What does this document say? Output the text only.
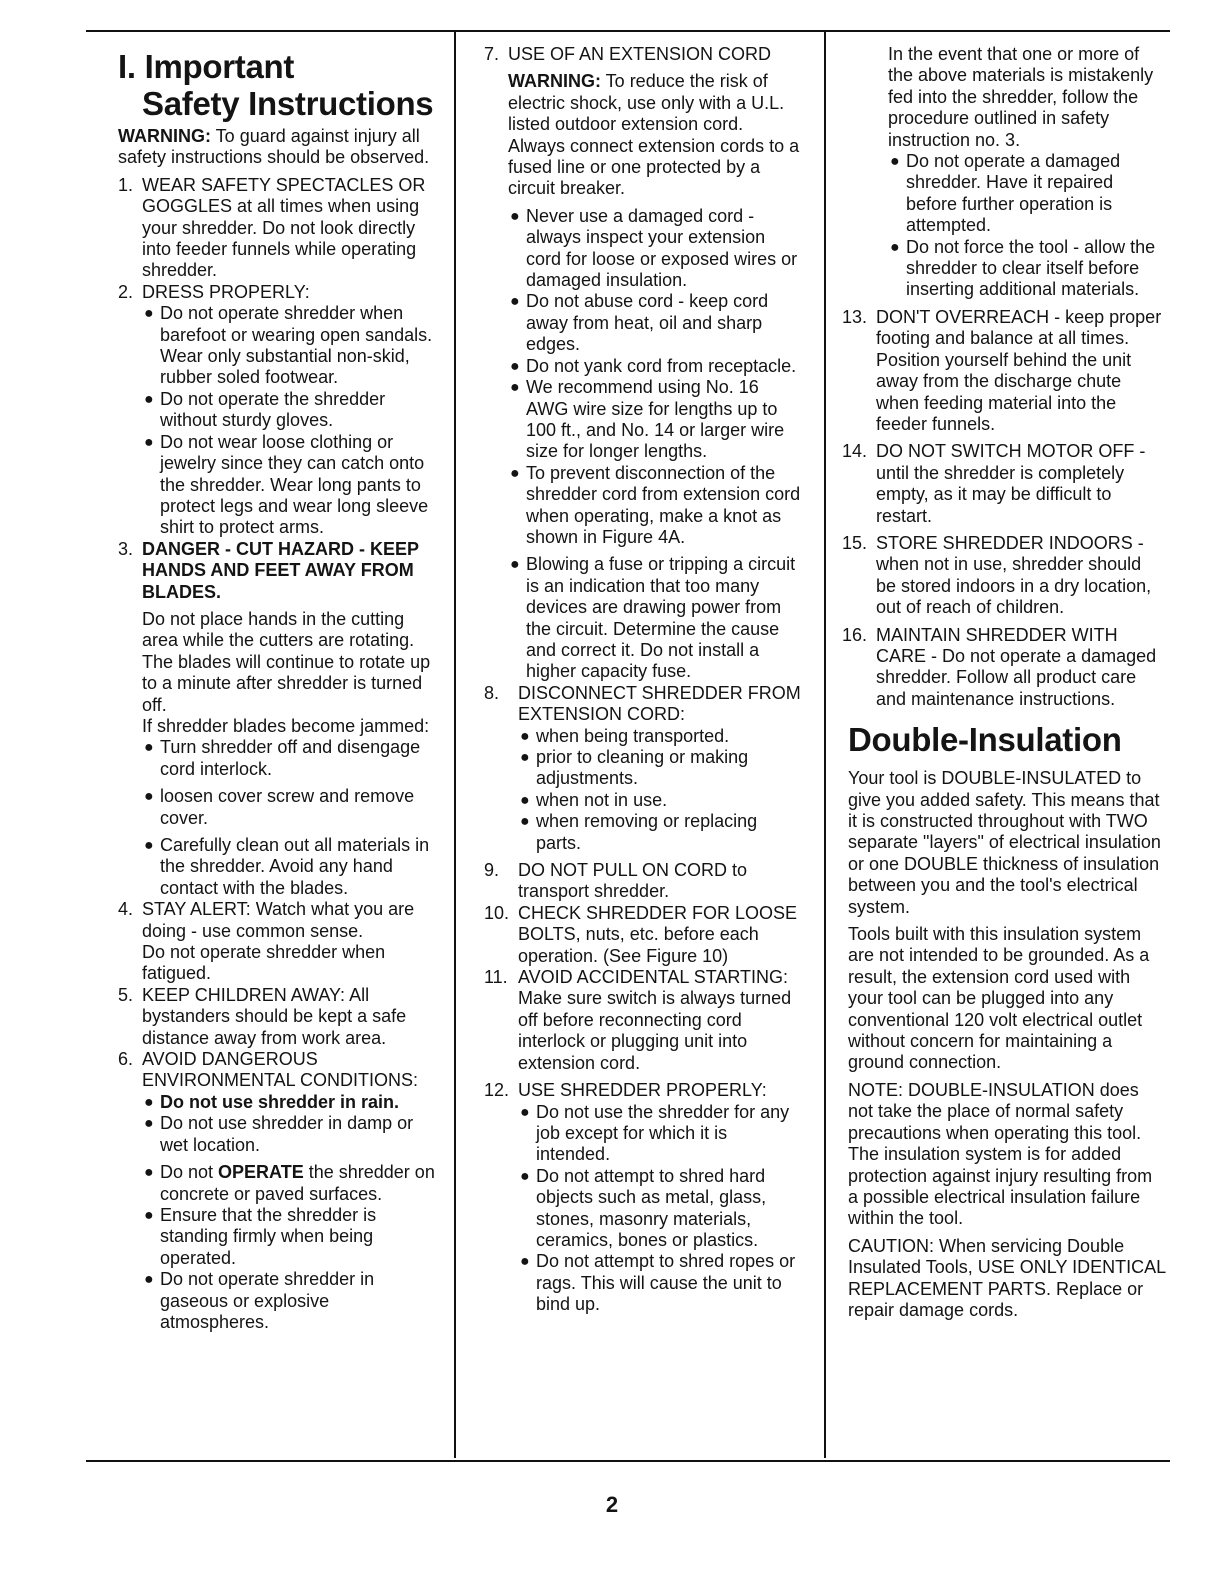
I. Important
Safety Instructions

WARNING: To guard against injury all safety instructions should be observed.

1. WEAR SAFETY SPECTACLES OR GOGGLES at all times when using your shredder. Do not look directly into feeder funnels while operating shredder.
2. DRESS PROPERLY:
● Do not operate shredder when barefoot or wearing open sandals. Wear only substantial non-skid, rubber soled footwear.
● Do not operate the shredder without sturdy gloves.
● Do not wear loose clothing or jewelry since they can catch onto the shredder. Wear long pants to protect legs and wear long sleeve shirt to protect arms.
3. DANGER - CUT HAZARD - KEEP HANDS AND FEET AWAY FROM BLADES.

Do not place hands in the cutting area while the cutters are rotating. The blades will continue to rotate up to a minute after shredder is turned off.

If shredder blades become jammed:

● Turn shredder off and disengage cord interlock.
● loosen cover screw and remove cover.
● Carefully clean out all materials in the shredder. Avoid any hand contact with the blades.
4. STAY ALERT: Watch what you are doing - use common sense.

Do not operate shredder when fatigued.

5. KEEP CHILDREN AWAY: All bystanders should be kept a safe distance away from work area.
6. AVOID DANGEROUS ENVIRONMENTAL CONDITIONS:
● Do not use shredder in rain.
● Do not use shredder in damp or wet location.
● Do not OPERATE the shredder on concrete or paved surfaces.
● Ensure that the shredder is standing firmly when being operated.
● Do not operate shredder in gaseous or explosive atmospheres.
7. USE OF AN EXTENSION CORD

WARNING: To reduce the risk of electric shock, use only with a U.L. listed outdoor extension cord. Always connect extension cords to a fused line or one protected by a circuit breaker.

● Never use a damaged cord - always inspect your extension cord for loose or exposed wires or damaged insulation.
● Do not abuse cord - keep cord away from heat, oil and sharp edges.
● Do not yank cord from receptacle.
● We recommend using No. 16 AWG wire size for lengths up to 100 ft., and No. 14 or larger wire size for longer lengths.
● To prevent disconnection of the shredder cord from extension cord when operating, make a knot as shown in Figure 4A.
● Blowing a fuse or tripping a circuit is an indication that too many devices are drawing power from the circuit. Determine the cause and correct it. Do not install a higher capacity fuse.
8. DISCONNECT SHREDDER FROM EXTENSION CORD:
● when being transported.
● prior to cleaning or making adjustments.
● when not in use.
● when removing or replacing parts.
9. DO NOT PULL ON CORD to transport shredder.
10. CHECK SHREDDER FOR LOOSE BOLTS, nuts, etc. before each operation. (See Figure 10)
11. AVOID ACCIDENTAL STARTING: Make sure switch is always turned off before reconnecting cord interlock or plugging unit into extension cord.
12. USE SHREDDER PROPERLY:
● Do not use the shredder for any job except for which it is intended.
● Do not attempt to shred hard objects such as metal, glass, stones, masonry materials, ceramics, bones or plastics.
● Do not attempt to shred ropes or rags. This will cause the unit to bind up.

In the event that one or more of the above materials is mistakenly fed into the shredder, follow the procedure outlined in safety instruction no. 3.

● Do not operate a damaged shredder. Have it repaired before further operation is attempted.
● Do not force the tool - allow the shredder to clear itself before inserting additional materials.
13. DON'T OVERREACH - keep proper footing and balance at all times. Position yourself behind the unit away from the discharge chute when feeding material into the feeder funnels.
14. DO NOT SWITCH MOTOR OFF - until the shredder is completely empty, as it may be difficult to restart.
15. STORE SHREDDER INDOORS - when not in use, shredder should be stored indoors in a dry location, out of reach of children.
16. MAINTAIN SHREDDER WITH CARE - Do not operate a damaged shredder. Follow all product care and maintenance instructions.
Double-Insulation

Your tool is DOUBLE-INSULATED to give you added safety. This means that it is constructed throughout with TWO separate "layers" of electrical insulation or one DOUBLE thickness of insulation between you and the tool's electrical system.

Tools built with this insulation system are not intended to be grounded. As a result, the extension cord used with your tool can be plugged into any conventional 120 volt electrical outlet without concern for maintaining a ground connection.

NOTE: DOUBLE-INSULATION does not take the place of normal safety precautions when operating this tool. The insulation system is for added protection against injury resulting from a possible electrical insulation failure within the tool.

CAUTION: When servicing Double Insulated Tools, USE ONLY IDENTICAL REPLACEMENT PARTS. Replace or repair damage cords.

2
